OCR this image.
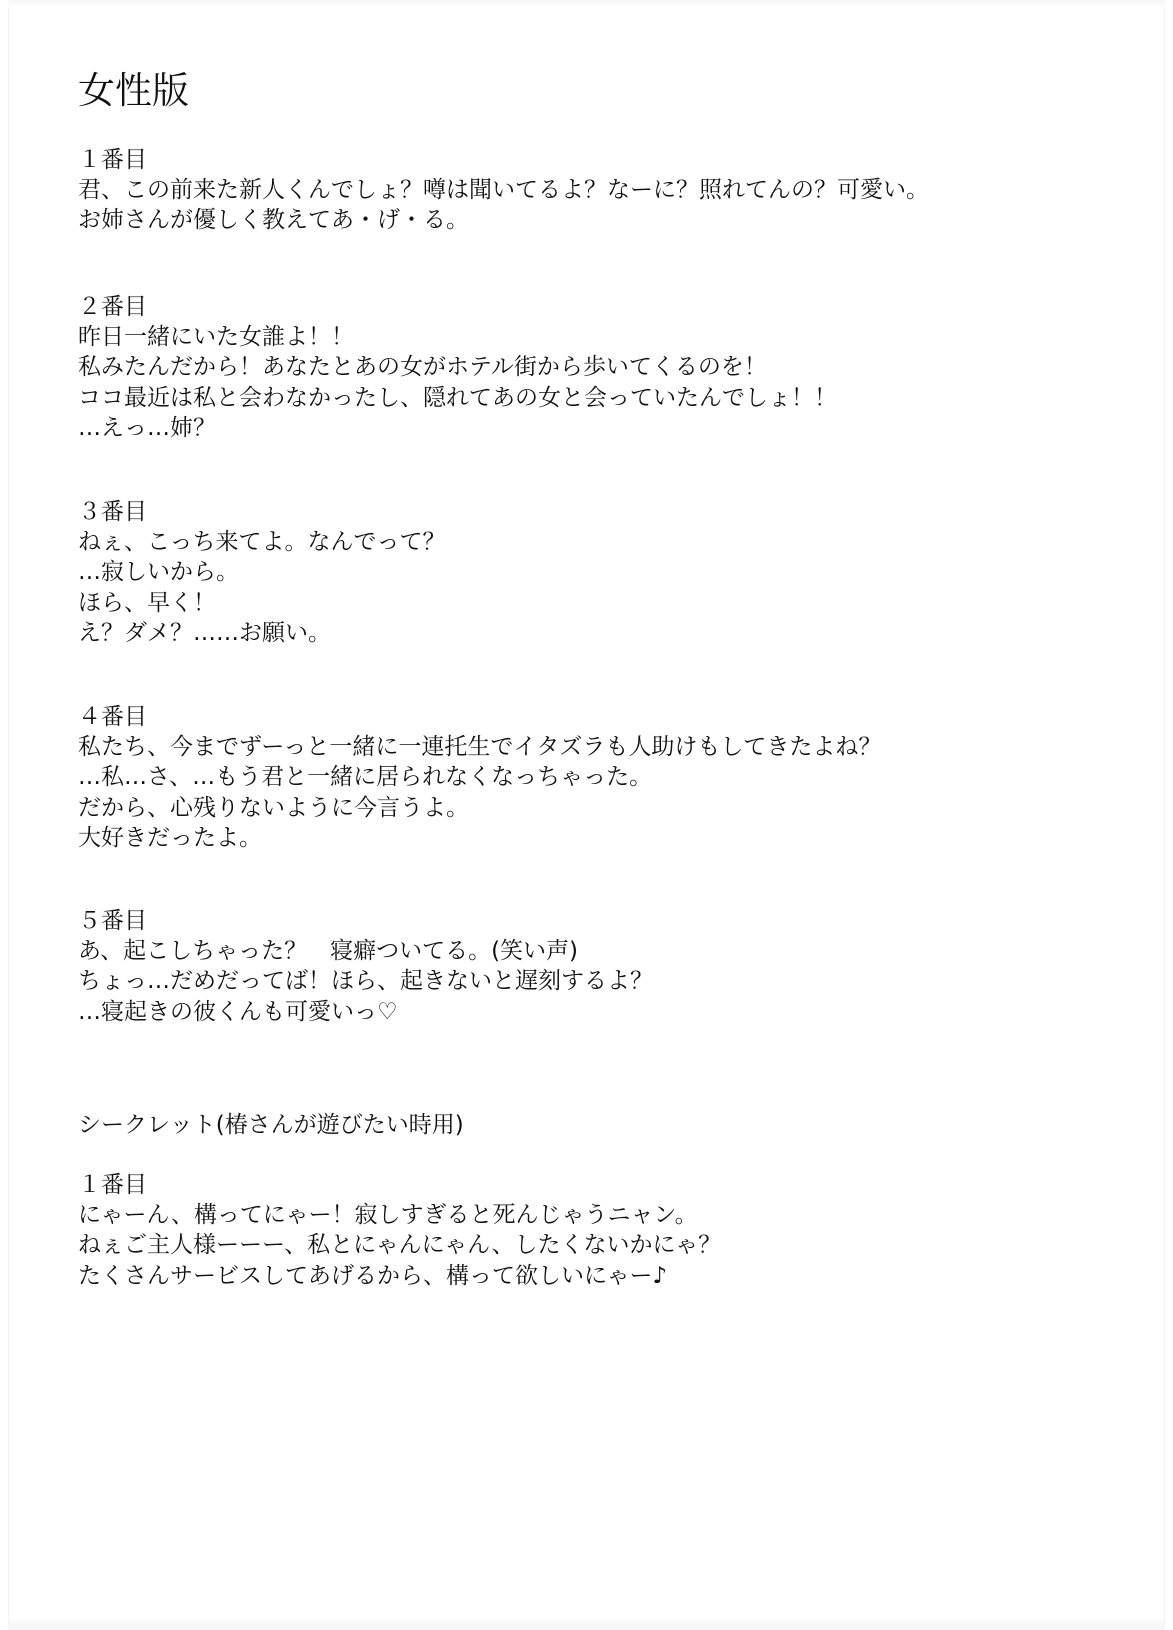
女性版
１番目
君、この前来た新人くんでしょ？噂は聞いてるよ？なーに？照れてんの？可愛い。
お姉さんが優しく教えてあ・げ・る。
２番目
昨日一緒にいた女誰よ！！
私みたんだから！あなたとあの女がホテル街から歩いてくるのを！
ココ最近は私と会わなかったし、隠れてあの女と会っていたんでしょ！！
…えっ…姉？
３番目
ねぇ、こっち来てよ。なんでって？
…寂しいから。
ほら、早く！
え？ダメ？……お願い。
４番目
私たち、今までずーっと一緒に一連托生でイタズラも人助けもしてきたよね？
…私…さ、…もう君と一緒に居られなくなっちゃった。
だから、心残りないように今言うよ。
大好きだったよ。
５番目
あ、起こしちゃった？　寝癖ついてる。(笑い声)
ちょっ…だめだってば！ほら、起きないと遅刻するよ？
…寝起きの彼くんも可愛いっ♡
シークレット(椿さんが遊びたい時用)
１番目
にゃーん、構ってにゃー！寂しすぎると死んじゃうニャン。
ねぇご主人様ーーー、私とにゃんにゃん、したくないかにゃ？
たくさんサービスしてあげるから、構って欲しいにゃー♪
